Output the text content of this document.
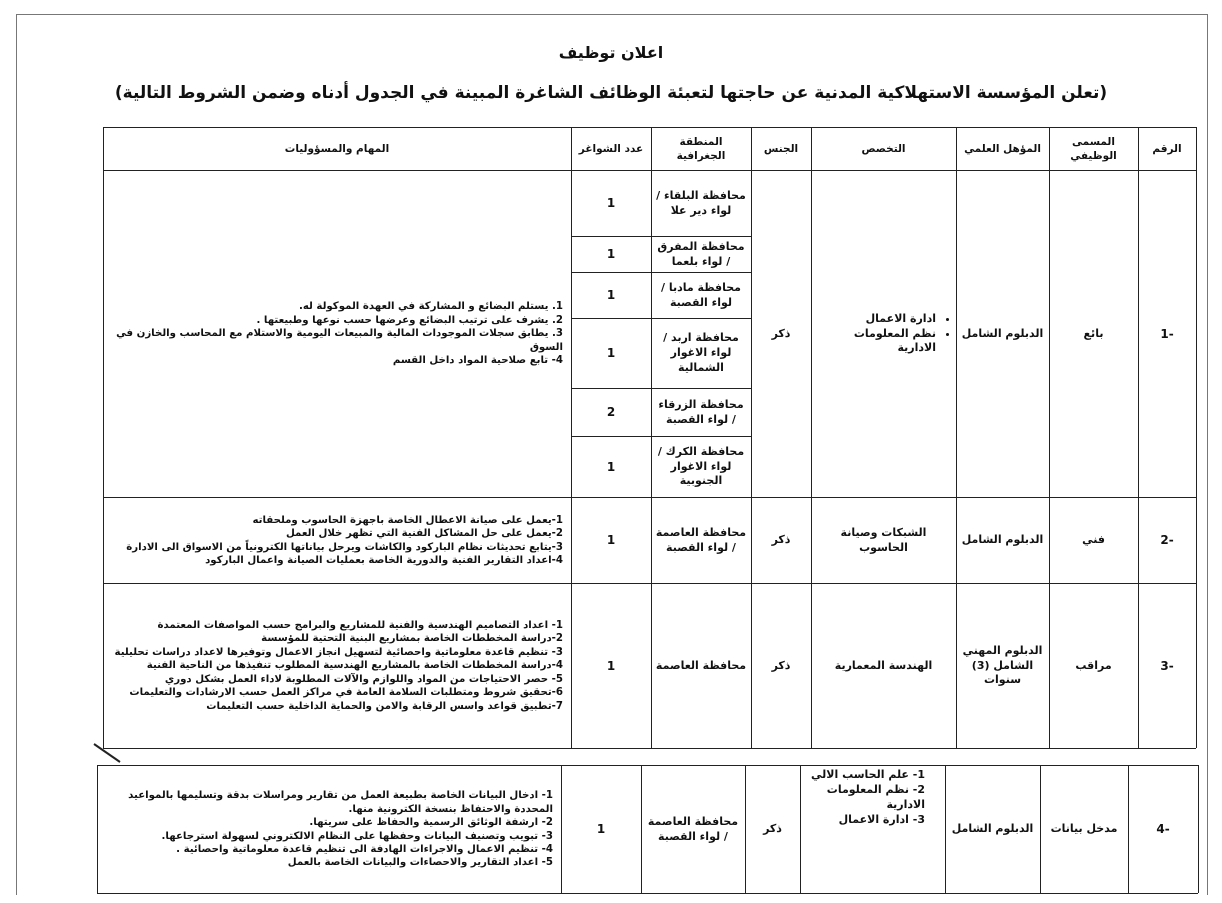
اعلان توظيف
(تعلن المؤسسة الاستهلاكية المدنية عن حاجتها لتعبئة الوظائف الشاغرة المبينة في الجدول أدناه وضمن الشروط التالية)
الرقم
المسمى الوظيفي
المؤهل العلمي
التخصص
الجنس
المنطقة الجغرافية
عدد الشواغر
المهام والمسؤوليات
-1
بائع
الدبلوم الشامل
• ادارة الاعمال
• نظم المعلومات الادارية
ذكر
محافظة البلقاء / لواء دير علا
1
محافظة المفرق / لواء بلعما
1
محافظة مادبا / لواء القصبة
1
محافظة اربد / لواء الاغوار الشمالية
1
محافظة الزرقاء / لواء القصبة
2
محافظة الكرك / لواء الاغوار الجنوبية
1
1. يستلم البضائع و المشاركة في العهدة الموكولة له.
2. يشرف على ترتيب البضائع وعرضها حسب نوعها وطبيعتها .
3. يطابق سجلات الموجودات المالية والمبيعات اليومية والاستلام مع المحاسب والخازن في السوق
4- تابع صلاحية المواد داخل القسم
-2
فني
الدبلوم الشامل
الشبكات وصيانة الحاسوب
ذكر
محافظة العاصمة / لواء القصبة
1
1-يعمل على صيانة الاعطال الخاصة باجهزة الحاسوب وملحقاته
2-يعمل على حل المشاكل الفنية التي تظهر خلال العمل
3-يتابع تحديثات نظام الباركود والكاشات ويرحل بياناتها الكترونياً من الاسواق الى الادارة
4-اعداد التقارير الفنية والدورية الخاصة بعمليات الصيانة واعمال الباركود
-3
مراقب
الدبلوم المهني الشامل (3) سنوات
الهندسة المعمارية
ذكر
محافظة العاصمة
1
1- اعداد التصاميم الهندسية والفنية للمشاريع والبرامج حسب المواصفات المعتمدة
2-دراسة المخططات الخاصة بمشاريع البنية التحتية للمؤسسة
3- تنظيم قاعدة معلوماتية واحصائية لتسهيل انجاز الاعمال وتوفيرها لاعداد دراسات تحليلية
4-دراسة المخططات الخاصة بالمشاريع الهندسية المطلوب تنفيذها من الناحية الفنية
5- حصر الاحتياجات من المواد واللوازم والآلات المطلوبة لاداء العمل بشكل دوري
6-تحقيق شروط ومتطلبات السلامة العامة في مراكز العمل حسب الارشادات والتعليمات
7-تطبيق قواعد واسس الرقابة والامن والحماية الداخلية حسب التعليمات
-4
مدخل بيانات
الدبلوم الشامل
1- علم الحاسب الالي
2- نظم المعلومات الادارية
3- ادارة الاعمال
ذكر
محافظة العاصمة / لواء القصبة
1
1- ادخال البيانات الخاصة بطبيعة العمل من تقارير ومراسلات بدقة وتسليمها بالمواعيد المحددة والاحتفاظ بنسخة الكترونية منها.
2- ارشفة الوثائق الرسمية والحفاظ على سريتها.
3- تبويب وتصنيف البيانات وحفظها على النظام الالكتروني لسهولة استرجاعها.
4- تنظيم الاعمال والاجراءات الهادفة الى تنظيم قاعدة معلوماتية واحصائية .
5- اعداد التقارير والاحصاءات والبيانات الخاصة بالعمل
